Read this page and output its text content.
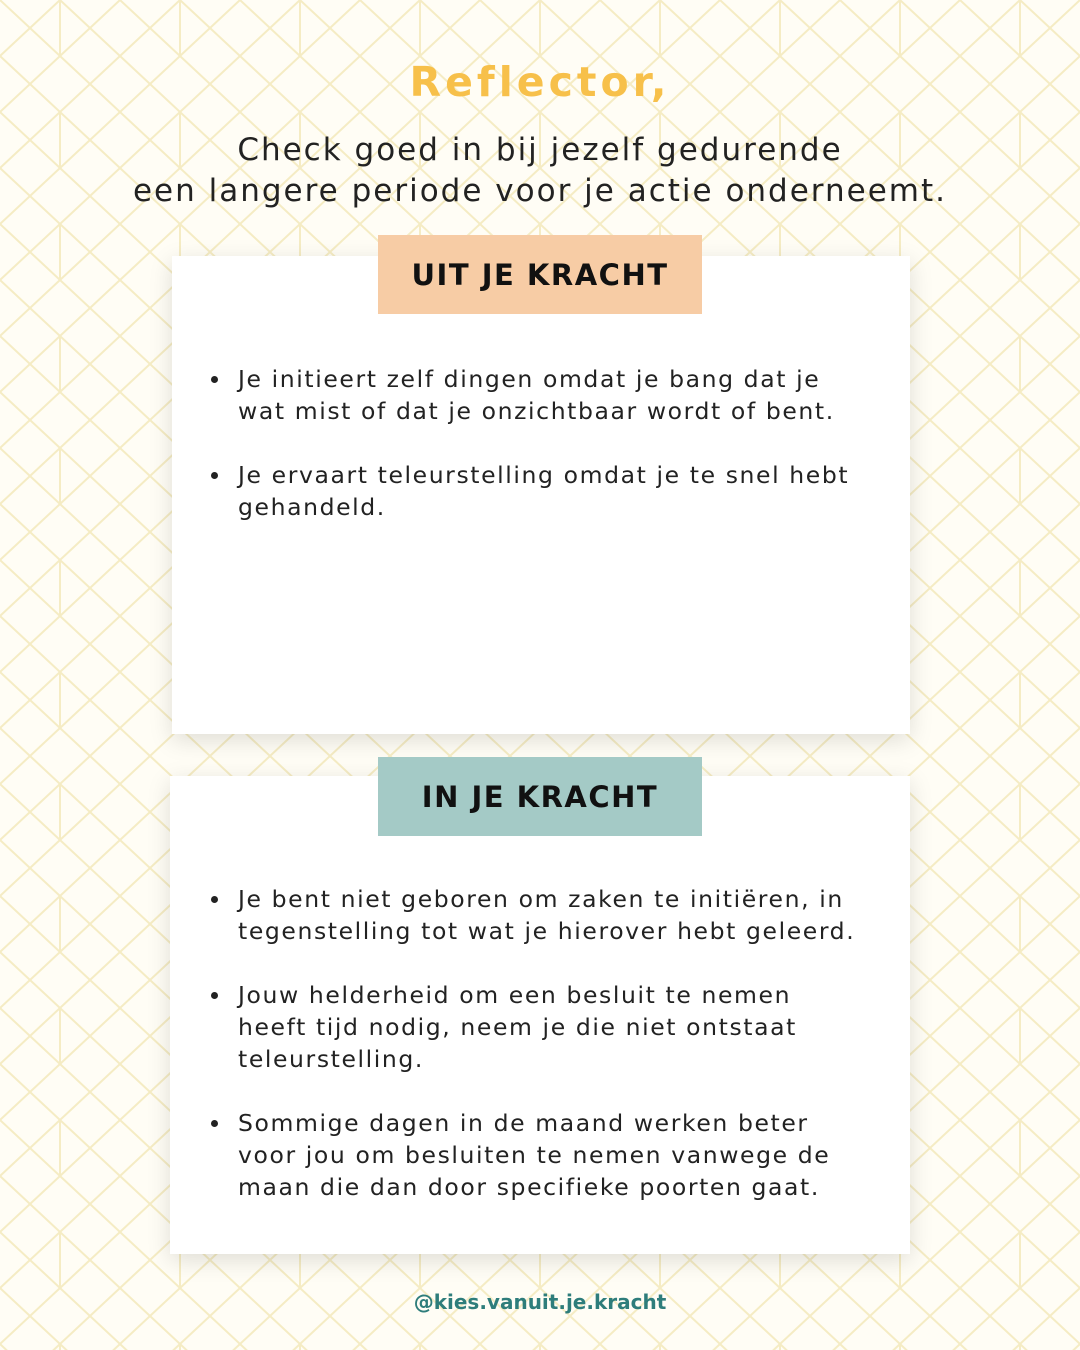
Reflector,
Check goed in bij jezelf gedurende
een langere periode voor je actie onderneemt.
UIT JE KRACHT
Je initieert zelf dingen omdat je bang dat je
wat mist of dat je onzichtbaar wordt of bent.
Je ervaart teleurstelling omdat je te snel hebt
gehandeld.
IN JE KRACHT
Je bent niet geboren om zaken te initiëren, in
tegenstelling tot wat je hierover hebt geleerd.
Jouw helderheid om een besluit te nemen
heeft tijd nodig, neem je die niet ontstaat
teleurstelling.
Sommige dagen in de maand werken beter
voor jou om besluiten te nemen vanwege de
maan die dan door specifieke poorten gaat.
@kies.vanuit.je.kracht
